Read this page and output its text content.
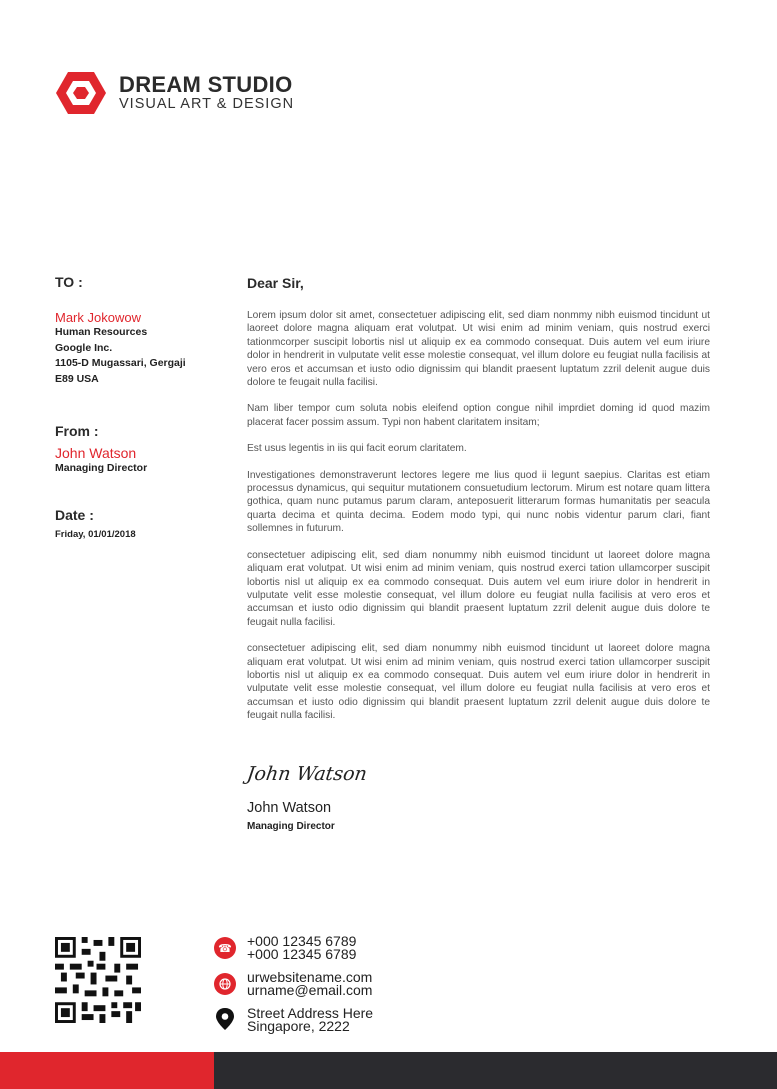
DREAM STUDIO
VISUAL ART & DESIGN
TO :
Mark Jokowow
Human Resources
Google Inc.
1105-D Mugassari, Gergaji
E89 USA
From :
John Watson
Managing Director
Date :
Friday, 01/01/2018
Dear Sir,

Lorem ipsum dolor sit amet, consectetuer adipiscing elit, sed diam nonmmy nibh euismod tincidunt ut laoreet dolore magna aliquam erat volutpat. Ut wisi enim ad minim veniam, quis nostrud exerci tationmcorper suscipit lobortis nisl ut aliquip ex ea commodo consequat. Duis autem vel eum iriure dolor in hendrerit in vulputate velit esse molestie consequat, vel illum dolore eu feugiat nulla facilisis at vero eros et accumsan et iusto odio dignissim qui blandit praesent luptatum zzril delenit augue duis dolore te feugait nulla facilisi.

Nam liber tempor cum soluta nobis eleifend option congue nihil imprdiet doming id quod mazim placerat facer possim assum. Typi non habent claritatem insitam;

Est usus legentis in iis qui facit eorum claritatem.

Investigationes demonstraverunt lectores legere me lius quod ii legunt saepius. Claritas est etiam processus dynamicus, qui sequitur mutationem consuetudium lectorum. Mirum est notare quam littera gothica, quam nunc putamus parum claram, anteposuerit litterarum formas humanitatis per seacula quarta decima et quinta decima. Eodem modo typi, qui nunc nobis videntur parum clari, fiant sollemnes in futurum.

consectetuer adipiscing elit, sed diam nonummy nibh euismod tincidunt ut laoreet dolore magna aliquam erat volutpat. Ut wisi enim ad minim veniam, quis nostrud exerci tation ullamcorper suscipit lobortis nisl ut aliquip ex ea commodo consequat. Duis autem vel eum iriure dolor in hendrerit in vulputate velit esse molestie consequat, vel illum dolore eu feugiat nulla facilisis at vero eros et accumsan et iusto odio dignissim qui blandit praesent luptatum zzril delenit augue duis dolore te feugait nulla facilisi.

consectetuer adipiscing elit, sed diam nonummy nibh euismod tincidunt ut laoreet dolore magna aliquam erat volutpat. Ut wisi enim ad minim veniam, quis nostrud exerci tation ullamcorper suscipit lobortis nisl ut aliquip ex ea commodo consequat. Duis autem vel eum iriure dolor in hendrerit in vulputate velit esse molestie consequat, vel illum dolore eu feugiat nulla facilisis at vero eros et accumsan et iusto odio dignissim qui blandit praesent luptatum zzril delenit augue duis dolore te feugait nulla facilisi.

John Watson
John Watson
Managing Director
☎ +000 12345 6789
+000 12345 6789
urwebsitename.com
urname@email.com
Street Address Here
Singapore, 2222
